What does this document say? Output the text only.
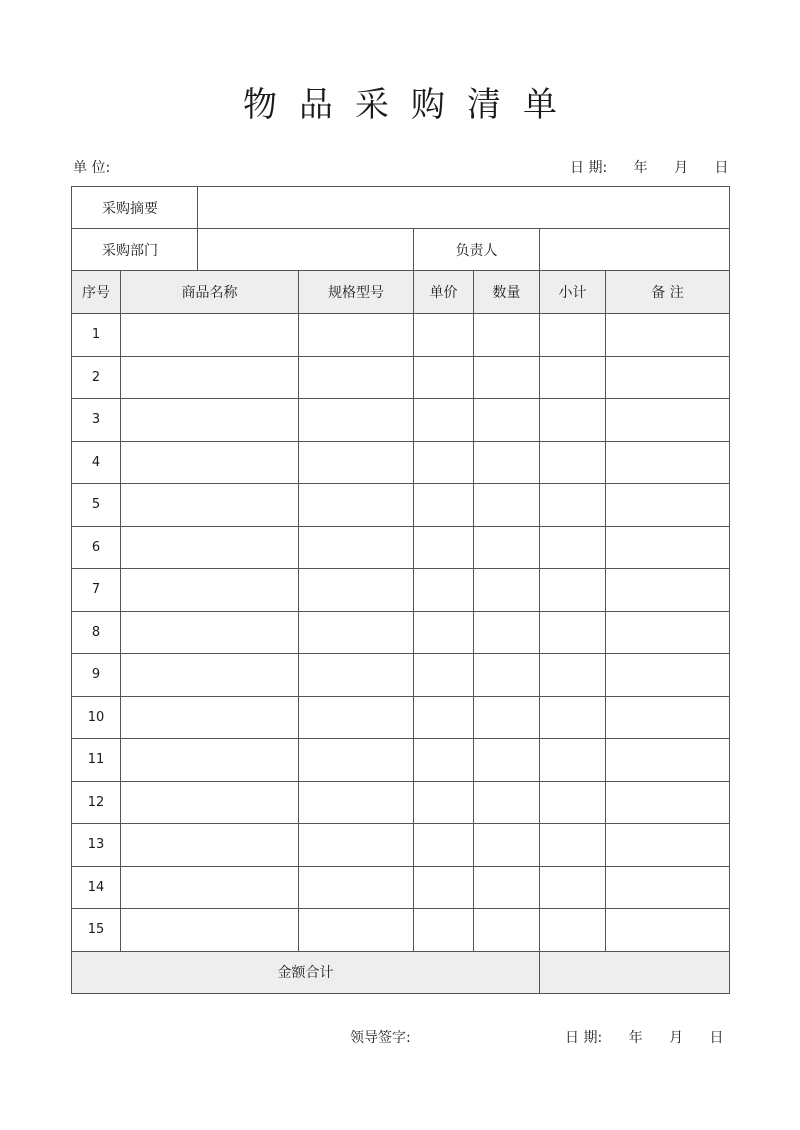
物品采购清单
单 位:	日 期: 年 月 日
采购摘要							
采购部门				负责人			
序号	商品名称		规格型号	单价	数量	小计	备 注
1							
2							
3							
4							
5							
6							
7							
8							
9							
10							
11							
12							
13							
14							
15							
金额合计							
领导签字:	日 期: 年 月 日
